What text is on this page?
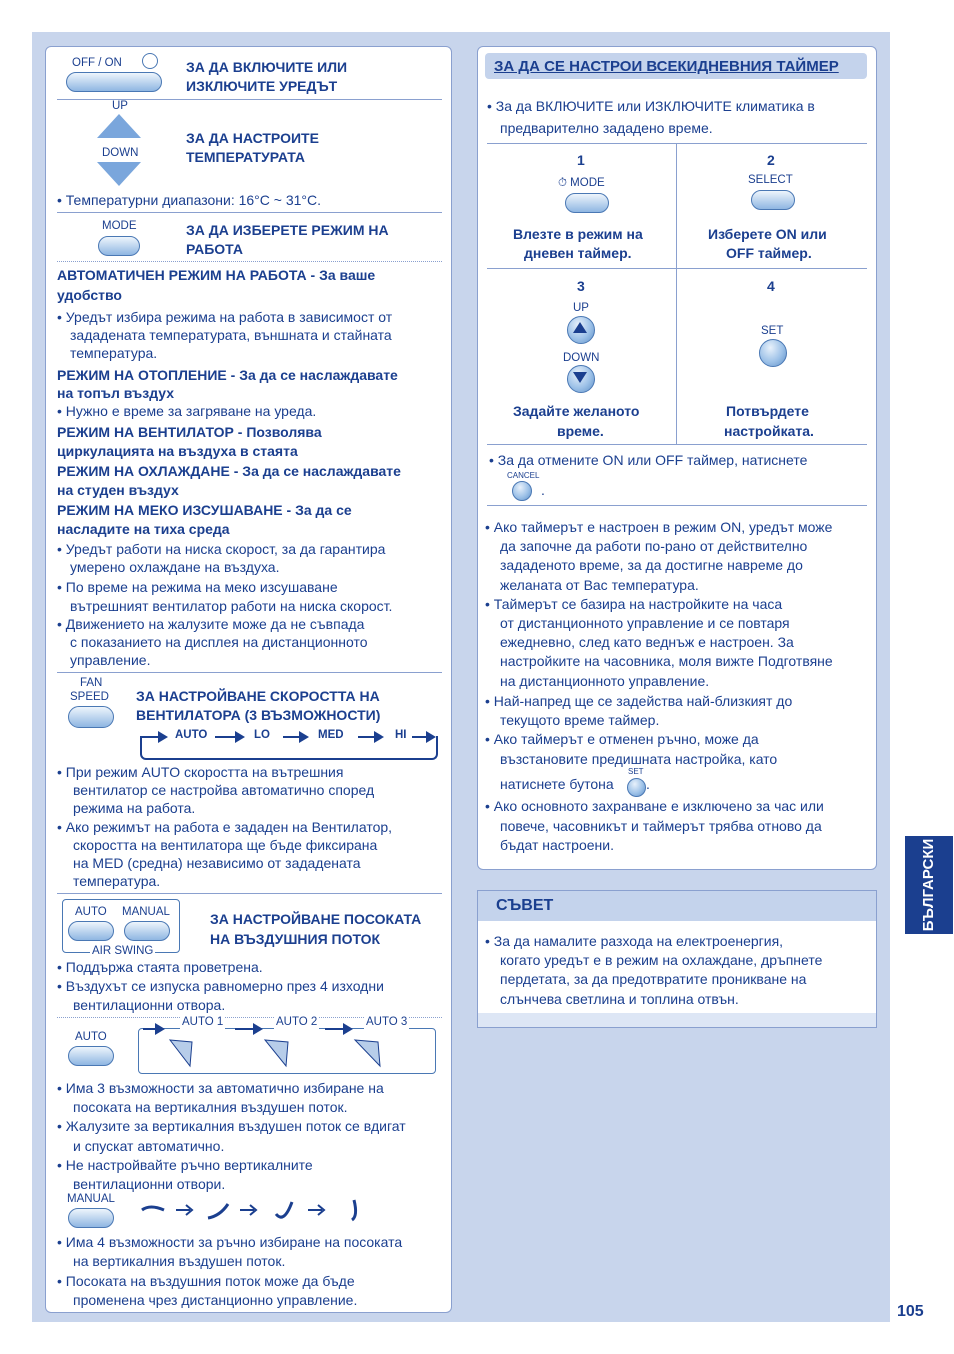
OFF / ON	ЗА ДА ВКЛЮЧИТЕ ИЛИ
ИЗКЛЮЧИТЕ УРЕДЪТ
UP
DOWN
ЗА ДА НАСТРОИТЕ
ТЕМПЕРАТУРАТА
• Температурни диапазони: 16°C ~ 31°C.
MODE	ЗА ДА ИЗБЕРЕТЕ РЕЖИМ НА
РАБОТА
АВТОМАТИЧЕН РЕЖИМ НА РАБОТА - За ваше
удобство
• Уредът избира режима на работа в зависимост от
зададената температурата, външната и стайната
температура.
РЕЖИМ НА ОТОПЛЕНИЕ - За да се наслаждавате
на топъл въздух
• Нужно е време за загряване на уреда.
РЕЖИМ НА ВЕНТИЛАТОР - Позволява
циркулацията на въздуха в стаята
РЕЖИМ НА ОХЛАЖДАНЕ - За да се наслаждавате
на студен въздух
РЕЖИМ НА МЕКО ИЗСУШАВАНЕ - За да се
насладите на тиха среда
• Уредът работи на ниска скорост, за да гарантира
умерено охлаждане на въздуха.
• По време на режима на меко изсушаване
вътрешният вентилатор работи на ниска скорост.
• Движението на жалузите може да не съвпада
с показанието на дисплея на дистанционното
управление.
FAN
SPEED ЗА НАСТРОЙВАНЕ СКОРОСТТА НА
ВЕНТИЛАТОРА (3 ВЪЗМОЖНОСТИ)
AUTO	LO	MED	HI
• При режим AUTO скоростта на вътрешния
вентилатор се настройва автоматично според
режима на работа.
• Ако режимът на работа е зададен на Вентилатор,
скоростта на вентилатора ще бъде фиксирана
на MED (средна) независимо от зададената
температура.
AUTO MANUAL
AIR SWING
ЗА НАСТРОЙВАНЕ ПОСОКАТА
НА ВЪЗДУШНИЯ ПОТОК
• Поддържа стаята проветрена.
• Въздухът се изпуска равномерно през 4 изходни
вентилационни отвора.
AUTO
AUTO 1	AUTO 2	AUTO 3
• Има 3 възможности за автоматично избиране на
посоката на вертикалния въздушен поток.
• Жалузите за вертикалния въздушен поток се вдигат
и спускат автоматично.
• Не настройвайте ръчно вертикалните
вентилационни отвори.
MANUAL
• Има 4 възможности за ръчно избиране на посоката
на вертикалния въздушен поток.
• Посоката на въздушния поток може да бъде
променена чрез дистанционно управление.
ЗА ДА СЕ НАСТРОИ ВСЕКИДНЕВНИЯ ТАЙМЕР
• За да ВКЛЮЧИТЕ или ИЗКЛЮЧИТЕ климатика в
предварително зададено време.
1
⏱ MODE
Влезте в режим на
дневен таймер.
2
SELECT
Изберете ON или
OFF таймер.
3
UP
DOWN
Задайте желаното
време.
4
SET
Потвърдете
настройката.
• За да отмените ON или OFF таймер, натиснете
CANCEL
.
• Ако таймерът е настроен в режим ON, уредът може
да започне да работи по-рано от действително
зададеното време, за да достигне навреме до
желаната от Вас температура.
• Таймерът се базира на настройките на часа
от дистанционното управление и се повтаря
ежедневно, след като веднъж е настроен. За
настройките на часовника, моля вижте Подготвяне
на дистанционното управление.
• Най-напред ще се задейства най-близкият до
текущото време таймер.
• Ако таймерът е отменен ръчно, може да
възстановите предишната настройка, като
натиснете бутона
SET
.
• Ако основното захранване е изключено за час или
повече, часовникът и таймерът трябва отново да
бъдат настроени.
СЪВЕТ
• За да намалите разхода на електроенергия,
когато уредът е в режим на охлаждане, дръпнете
пердетата, за да предотвратите проникване на
слънчева светлина и топлина отвън.
БЪЛГАРСКИ
105
